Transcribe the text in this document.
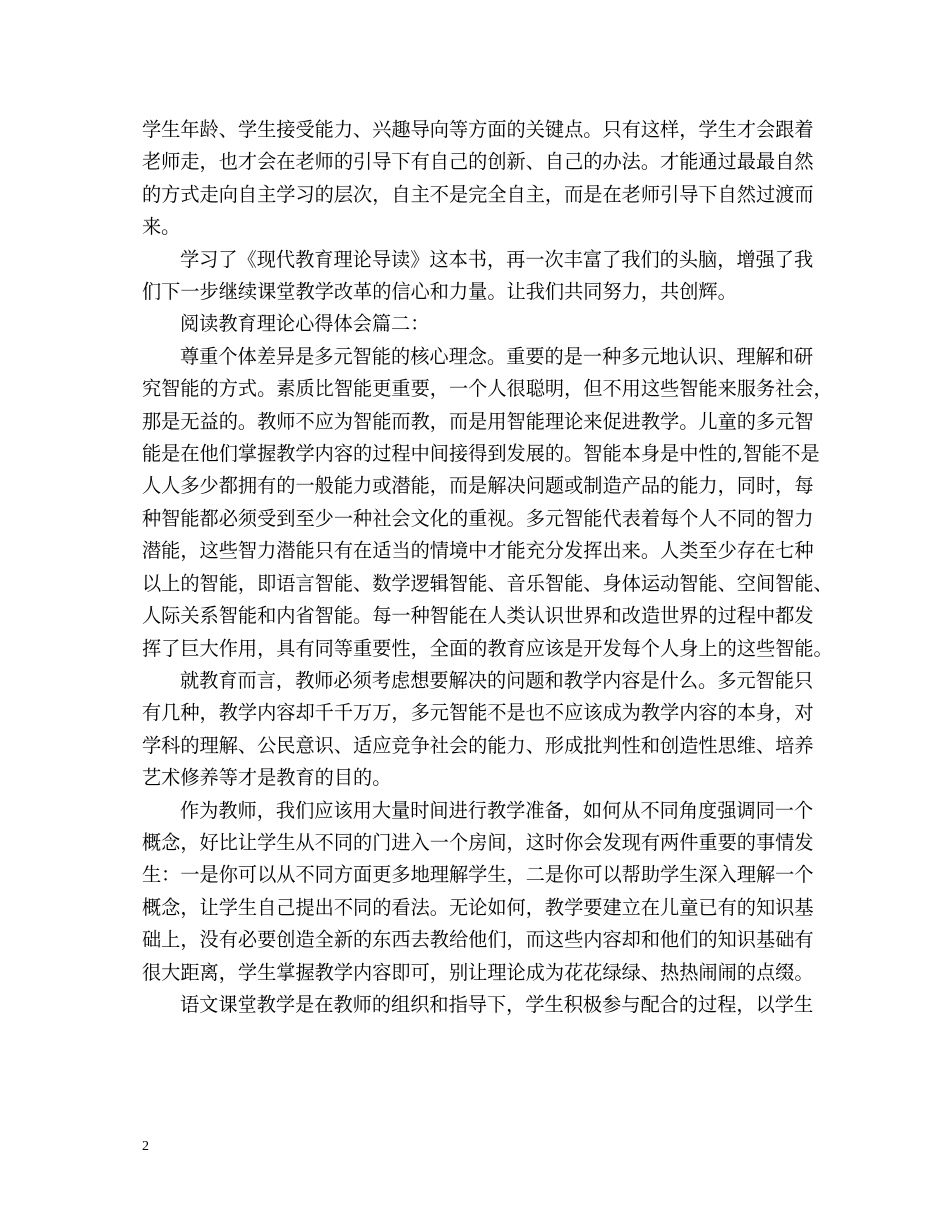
学生年龄、学生接受能力、兴趣导向等方面的关键点。只有这样，学生才会跟着
老师走，也才会在老师的引导下有自己的创新、自己的办法。才能通过最最自然
的方式走向自主学习的层次，自主不是完全自主，而是在老师引导下自然过渡而
来。
学习了《现代教育理论导读》这本书，再一次丰富了我们的头脑，增强了我
们下一步继续课堂教学改革的信心和力量。让我们共同努力，共创辉。
阅读教育理论心得体会篇二：
尊重个体差异是多元智能的核心理念。重要的是一种多元地认识、理解和研
究智能的方式。素质比智能更重要，一个人很聪明，但不用这些智能来服务社会，
那是无益的。教师不应为智能而教，而是用智能理论来促进教学。儿童的多元智
能是在他们掌握教学内容的过程中间接得到发展的。智能本身是中性的,智能不是
人人多少都拥有的一般能力或潜能，而是解决问题或制造产品的能力，同时，每
种智能都必须受到至少一种社会文化的重视。多元智能代表着每个人不同的智力
潜能，这些智力潜能只有在适当的情境中才能充分发挥出来。人类至少存在七种
以上的智能，即语言智能、数学逻辑智能、音乐智能、身体运动智能、空间智能、
人际关系智能和内省智能。每一种智能在人类认识世界和改造世界的过程中都发
挥了巨大作用，具有同等重要性，全面的教育应该是开发每个人身上的这些智能。
就教育而言，教师必须考虑想要解决的问题和教学内容是什么。多元智能只
有几种，教学内容却千千万万，多元智能不是也不应该成为教学内容的本身，对
学科的理解、公民意识、适应竞争社会的能力、形成批判性和创造性思维、培养
艺术修养等才是教育的目的。
作为教师，我们应该用大量时间进行教学准备，如何从不同角度强调同一个
概念，好比让学生从不同的门进入一个房间，这时你会发现有两件重要的事情发
生：一是你可以从不同方面更多地理解学生，二是你可以帮助学生深入理解一个
概念，让学生自己提出不同的看法。无论如何，教学要建立在儿童已有的知识基
础上，没有必要创造全新的东西去教给他们，而这些内容却和他们的知识基础有
很大距离，学生掌握教学内容即可，别让理论成为花花绿绿、热热闹闹的点缀。
语文课堂教学是在教师的组织和指导下，学生积极参与配合的过程，以学生
2
